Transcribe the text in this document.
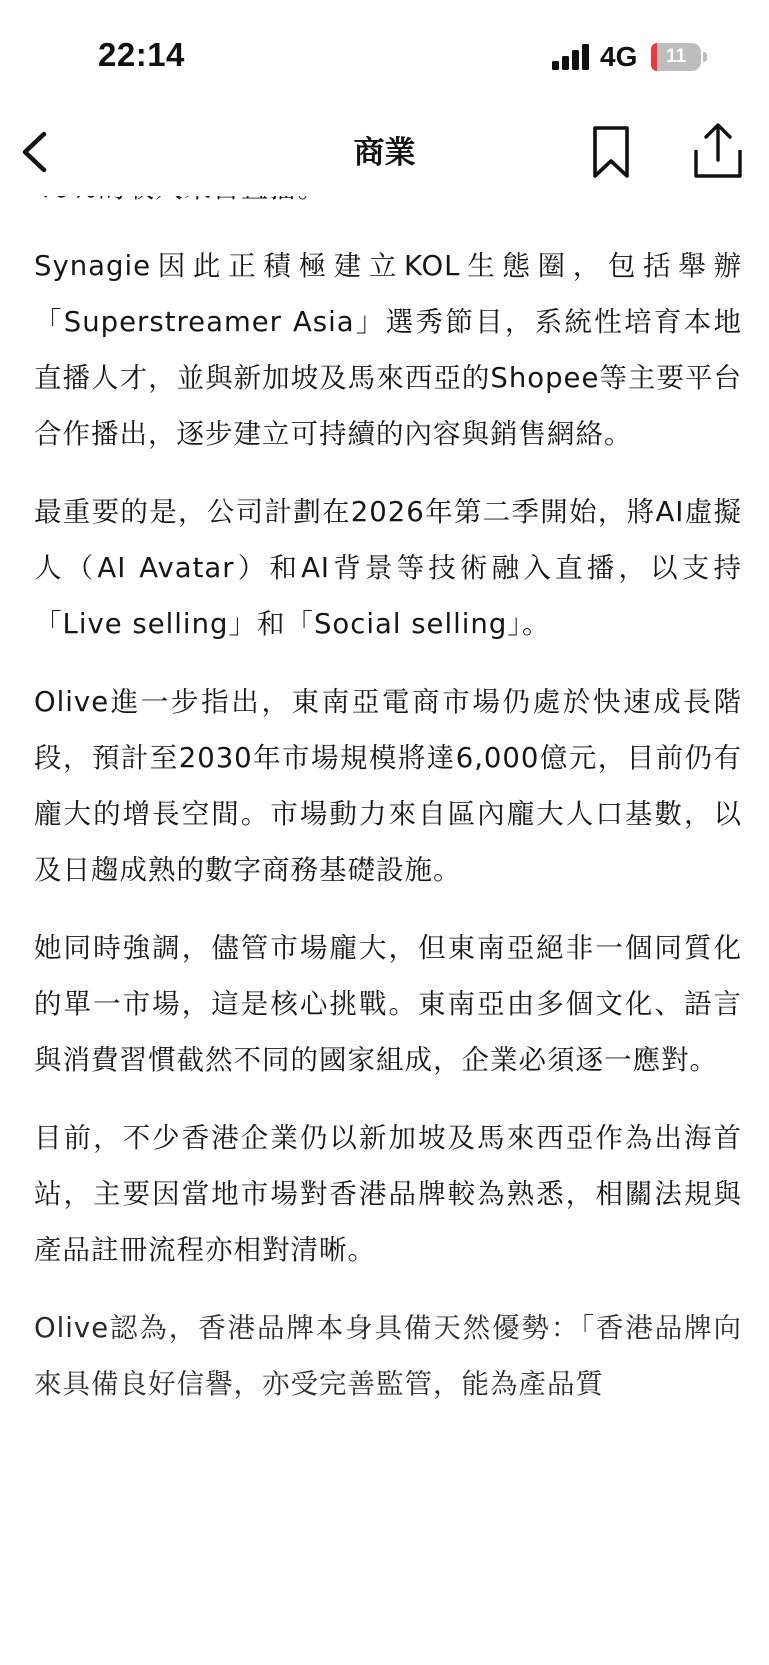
22:14	4G	11
商業

Synagie因此正積極建立KOL生態圈，包括舉辦「Superstreamer Asia」選秀節目，系統性培育本地直播人才，並與新加坡及馬來西亞的Shopee等主要平台合作播出，逐步建立可持續的內容與銷售網絡。

最重要的是，公司計劃在2026年第二季開始，將AI虛擬人（AI Avatar）和AI背景等技術融入直播，以支持「Live selling」和「Social selling」。

Olive進一步指出，東南亞電商市場仍處於快速成長階段，預計至2030年市場規模將達6,000億元，目前仍有龐大的增長空間。市場動力來自區內龐大人口基數，以及日趨成熟的數字商務基礎設施。

她同時強調，儘管市場龐大，但東南亞絕非一個同質化的單一市場，這是核心挑戰。東南亞由多個文化、語言與消費習慣截然不同的國家組成，企業必須逐一應對。

目前，不少香港企業仍以新加坡及馬來西亞作為出海首站，主要因當地市場對香港品牌較為熟悉，相關法規與產品註冊流程亦相對清晰。

Olive認為，香港品牌本身具備天然優勢：「香港品牌向來具備良好信譽，亦受完善監管，能為產品質
